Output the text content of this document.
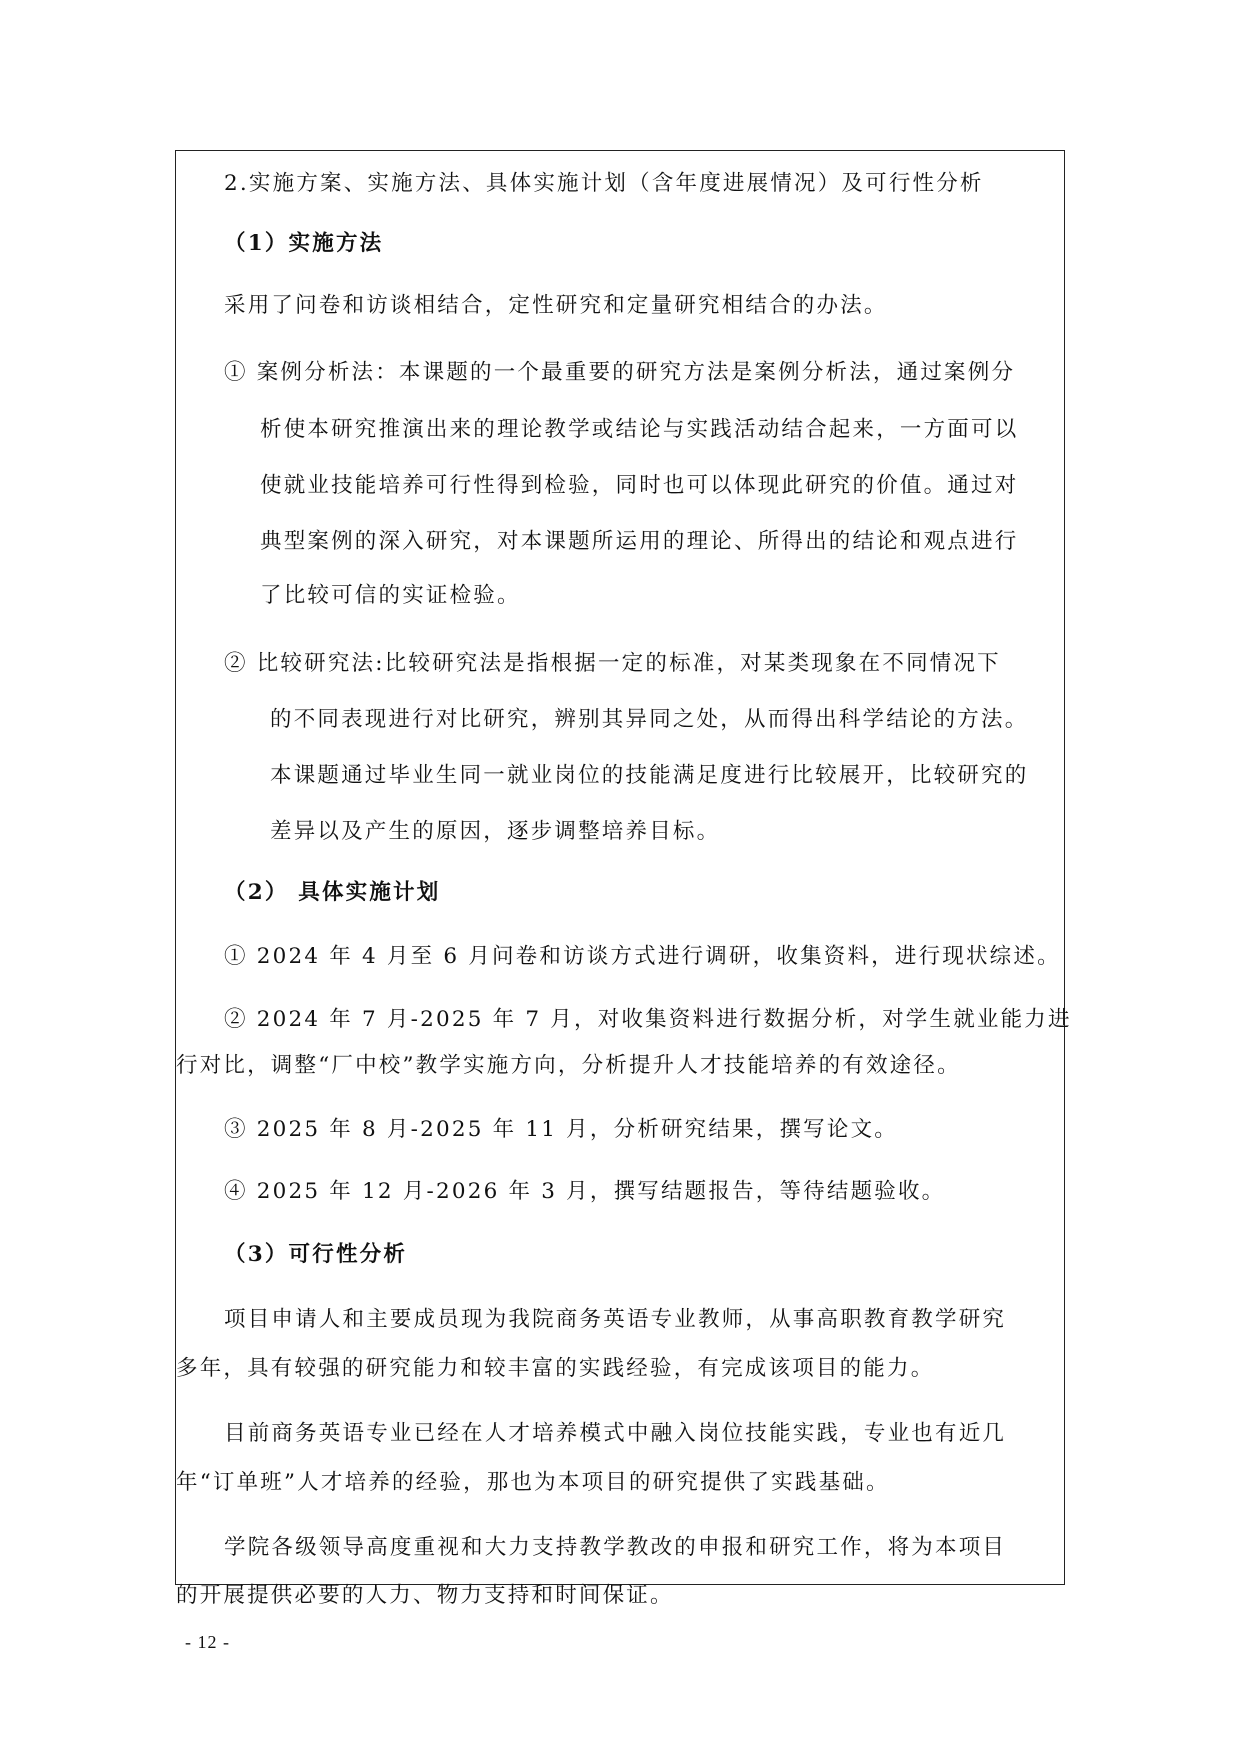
2.实施方案、实施方法、具体实施计划（含年度进展情况）及可行性分析
（1）实施方法
采用了问卷和访谈相结合，定性研究和定量研究相结合的办法。
① 案例分析法：本课题的一个最重要的研究方法是案例分析法，通过案例分
析使本研究推演出来的理论教学或结论与实践活动结合起来，一方面可以
使就业技能培养可行性得到检验，同时也可以体现此研究的价值。通过对
典型案例的深入研究，对本课题所运用的理论、所得出的结论和观点进行
了比较可信的实证检验。
② 比较研究法:比较研究法是指根据一定的标准，对某类现象在不同情况下
的不同表现进行对比研究，辨别其异同之处，从而得出科学结论的方法。
本课题通过毕业生同一就业岗位的技能满足度进行比较展开，比较研究的
差异以及产生的原因，逐步调整培养目标。
（2） 具体实施计划
① 2024 年 4 月至 6 月问卷和访谈方式进行调研，收集资料，进行现状综述。
② 2024 年 7 月-2025 年 7 月，对收集资料进行数据分析，对学生就业能力进
行对比，调整“厂中校”教学实施方向，分析提升人才技能培养的有效途径。
③ 2025 年 8 月-2025 年 11 月，分析研究结果，撰写论文。
④ 2025 年 12 月-2026 年 3 月，撰写结题报告，等待结题验收。
（3）可行性分析
项目申请人和主要成员现为我院商务英语专业教师，从事高职教育教学研究
多年，具有较强的研究能力和较丰富的实践经验，有完成该项目的能力。
目前商务英语专业已经在人才培养模式中融入岗位技能实践，专业也有近几
年“订单班”人才培养的经验，那也为本项目的研究提供了实践基础。
学院各级领导高度重视和大力支持教学教改的申报和研究工作，将为本项目
的开展提供必要的人力、物力支持和时间保证。
- 12 -
